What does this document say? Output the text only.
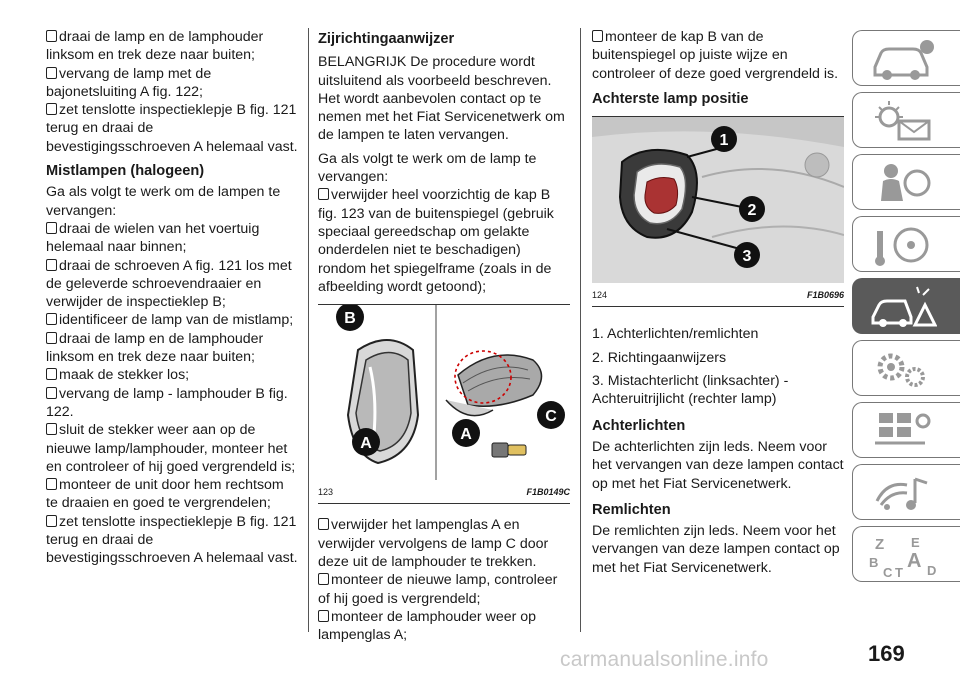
draai de lamp en de lamphouder linksom en trek deze naar buiten;

vervang de lamp met de bajonetsluiting A fig. 122;

zet tenslotte inspectieklepje B fig. 121 terug en draai de bevestigingsschroeven A helemaal vast.

Mistlampen (halogeen)

Ga als volgt te werk om de lampen te vervangen:

draai de wielen van het voertuig helemaal naar binnen;

draai de schroeven A fig. 121 los met de geleverde schroevendraaier en verwijder de inspectieklep B;

identificeer de lamp van de mistlamp;

draai de lamp en de lamphouder linksom en trek deze naar buiten;

maak de stekker los;

vervang de lamp - lamphouder B fig. 122.

sluit de stekker weer aan op de nieuwe lamp/lamphouder, monteer het en controleer of hij goed vergrendeld is;

monteer de unit door hem rechtsom te draaien en goed te vergrendelen;

zet tenslotte inspectieklepje B fig. 121 terug en draai de bevestigingsschroeven A helemaal vast.

Zijrichtingaanwijzer

BELANGRIJK De procedure wordt uitsluitend als voorbeeld beschreven. Het wordt aanbevolen contact op te nemen met het Fiat Servicenetwerk om de lampen te laten vervangen.

Ga als volgt te werk om de lamp te vervangen:

verwijder heel voorzichtig de kap B fig. 123 van de buitenspiegel (gebruik speciaal gereedschap om gelakte onderdelen niet te beschadigen) rondom het spiegelframe (zoals in de afbeelding wordt getoond);

B
A
A
C
123	F1B0149C

verwijder het lampenglas A en verwijder vervolgens de lamp C door deze uit de lamphouder te trekken.

monteer de nieuwe lamp, controleer of hij goed is vergrendeld;

monteer de lamphouder weer op lampenglas A;

monteer de kap B van de buitenspiegel op juiste wijze en controleer of deze goed vergrendeld is.

Achterste lamp positie
1
2
3
124	F1B0696

1. Achterlichten/remlichten

2. Richtingaanwijzers

3. Mistachterlicht (linksachter) - Achteruitrijlicht (rechter lamp)

Achterlichten

De achterlichten zijn leds. Neem voor het vervangen van deze lampen contact op met het Fiat Servicenetwerk.

Remlichten

De remlichten zijn leds. Neem voor het vervangen van deze lampen contact op met het Fiat Servicenetwerk.

Z E
B A
C T D
169
carmanualsonline.info
